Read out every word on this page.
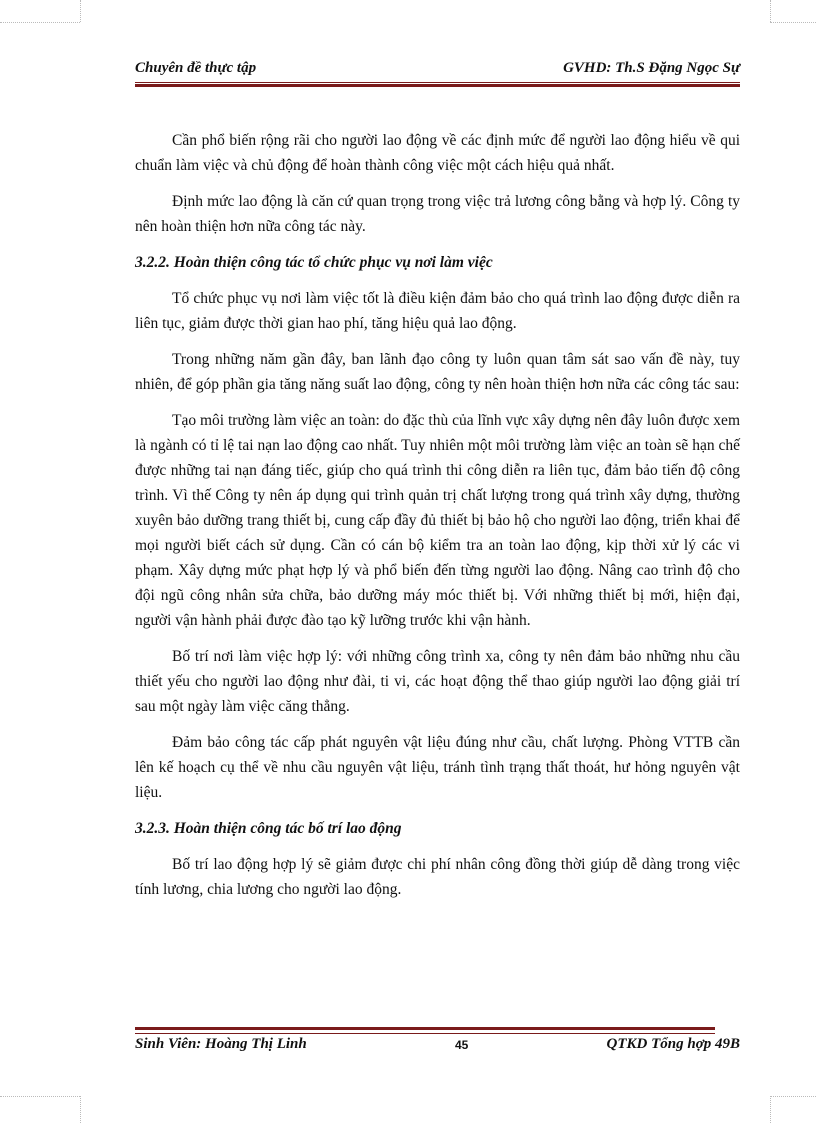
Chuyên đề thực tập	GVHD: Th.S Đặng Ngọc Sự

Cần phổ biến rộng rãi cho người lao động về các định mức để người lao động hiểu về qui chuẩn làm việc và chủ động để hoàn thành công việc một cách hiệu quả nhất.

Định mức lao động là căn cứ quan trọng trong việc trả lương công bằng và hợp lý. Công ty nên hoàn thiện hơn nữa công tác này.

3.2.2. Hoàn thiện công tác tổ chức phục vụ nơi làm việc

Tổ chức phục vụ nơi làm việc tốt là điều kiện đảm bảo cho quá trình lao động được diễn ra liên tục, giảm được thời gian hao phí, tăng hiệu quả lao động.

Trong những năm gần đây, ban lãnh đạo công ty luôn quan tâm sát sao vấn đề này, tuy nhiên, để góp phần gia tăng năng suất lao động, công ty nên hoàn thiện hơn nữa các công tác sau:

Tạo môi trường làm việc an toàn: do đặc thù của lĩnh vực xây dựng nên đây luôn được xem là ngành có tỉ lệ tai nạn lao động cao nhất. Tuy nhiên một môi trường làm việc an toàn sẽ hạn chế được những tai nạn đáng tiếc, giúp cho quá trình thi công diễn ra liên tục, đảm bảo tiến độ công trình. Vì thế Công ty nên áp dụng qui trình quản trị chất lượng trong quá trình xây dựng, thường xuyên bảo dưỡng trang thiết bị, cung cấp đầy đủ thiết bị bảo hộ cho người lao động, triển khai để mọi người biết cách sử dụng. Cần có cán bộ kiểm tra an toàn lao động, kịp thời xử lý các vi phạm. Xây dựng mức phạt hợp lý và phổ biến đến từng người lao động. Nâng cao trình độ cho đội ngũ công nhân sửa chữa, bảo dưỡng máy móc thiết bị. Với những thiết bị mới, hiện đại, người vận hành phải được đào tạo kỹ lưỡng trước khi vận hành.

Bố trí nơi làm việc hợp lý: với những công trình xa, công ty nên đảm bảo những nhu cầu thiết yếu cho người lao động như đài, ti vi, các hoạt động thể thao giúp người lao động giải trí sau một ngày làm việc căng thẳng.

Đảm bảo công tác cấp phát nguyên vật liệu đúng như cầu, chất lượng. Phòng VTTB cần lên kế hoạch cụ thể về nhu cầu nguyên vật liệu, tránh tình trạng thất thoát, hư hỏng nguyên vật liệu.

3.2.3. Hoàn thiện công tác bố trí lao động

Bố trí lao động hợp lý sẽ giảm được chi phí nhân công đồng thời giúp dễ dàng trong việc tính lương, chia lương cho người lao động.

Sinh Viên: Hoàng Thị Linh	45	QTKD Tổng hợp 49B
